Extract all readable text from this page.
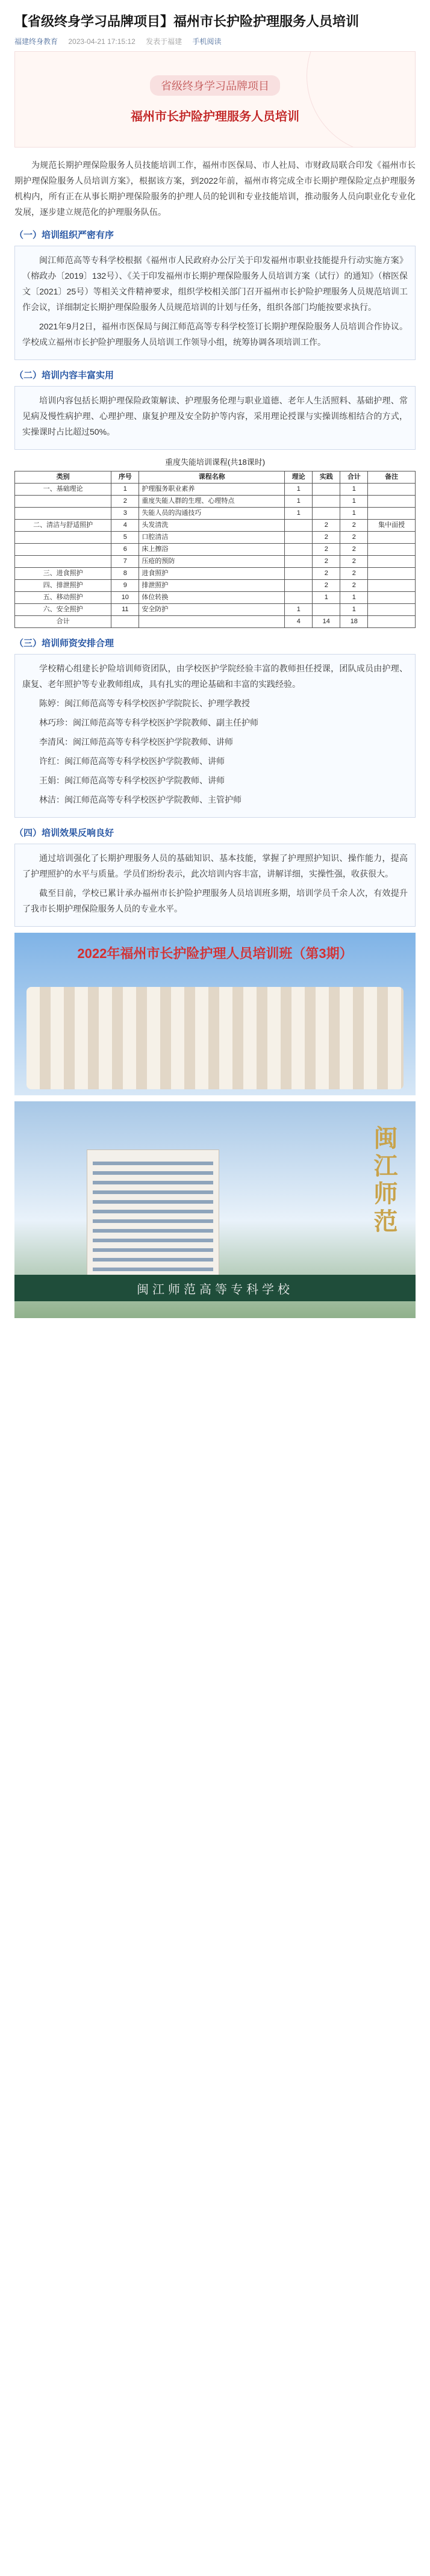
【省级终身学习品牌项目】福州市长护险护理服务人员培训
福建终身教育 2023-04-21 17:15:12 发表于福建 手机阅读
省级终身学习品牌项目
福州市长护险护理服务人员培训
为规范长期护理保险服务人员技能培训工作，福州市医保局、市人社局、市财政局联合印发《福州市长期护理保险服务人员培训方案》，根据该方案，到2022年前，福州市将完成全市长期护理保险定点护理服务机构内，所有正在从事长期护理保险服务的护理人员的轮训和专业技能培训，推动服务人员向职业化专业化发展，逐步建立规范化的护理服务队伍。
（一）培训组织严密有序
闽江师范高等专科学校根据《福州市人民政府办公厅关于印发福州市职业技能提升行动实施方案》（榕政办〔2019〕132号）、《关于印发福州市长期护理保险服务人员培训方案（试行）的通知》（榕医保文〔2021〕25号）等相关文件精神要求，组织学校相关部门召开福州市长护险护理服务人员规范培训工作会议，详细制定长期护理保险服务人员规范培训的计划与任务，组织各部门均能按要求执行。
2021年9月2日，福州市医保局与闽江师范高等专科学校签订长期护理保险服务人员培训合作协议。学校成立福州市长护险护理服务人员培训工作领导小组，统筹协调各项培训工作。
（二）培训内容丰富实用
培训内容包括长期护理保险政策解读、护理服务伦理与职业道德、老年人生活照料、基础护理、常见病及慢性病护理、心理护理、康复护理及安全防护等内容，采用理论授课与实操训练相结合的方式，实操课时占比超过50%。
重度失能培训课程(共18课时)
类别	序号	课程名称	理论	实践	合计	备注
一、基础理论	1	护理服务职业素养	1		1	
	2	重度失能人群的生理、心理特点	1		1	
	3	失能人员的沟通技巧	1		1	
二、清洁与舒适照护	4	头发清洗		2	2	集中面授
	5	口腔清洁		2	2	
	6	床上擦浴		2	2	
	7	压疮的预防		2	2	
三、进食照护	8	进食照护		2	2	
四、排泄照护	9	排泄照护		2	2	
五、移动照护	10	体位转换		1	1	
六、安全照护	11	安全防护	1		1	
合计			4	14	18	
（三）培训师资安排合理
学校精心组建长护险培训师资团队，由学校医护学院经验丰富的教师担任授课，团队成员由护理、康复、老年照护等专业教师组成，具有扎实的理论基础和丰富的实践经验。
陈婷：闽江师范高等专科学校医护学院院长、护理学教授
林巧珍：闽江师范高等专科学校医护学院教师、副主任护师
李清风：闽江师范高等专科学校医护学院教师、讲师
许红：闽江师范高等专科学校医护学院教师、讲师
王娟：闽江师范高等专科学校医护学院教师、讲师
林洁：闽江师范高等专科学校医护学院教师、主管护师
（四）培训效果反响良好
通过培训强化了长期护理服务人员的基础知识、基本技能，掌握了护理照护知识、操作能力，提高了护理照护的水平与质量。学员们纷纷表示，此次培训内容丰富，讲解详细，实操性强，收获很大。
截至目前，学校已累计承办福州市长护险护理服务人员培训班多期，培训学员千余人次，有效提升了我市长期护理保险服务人员的专业水平。
2022年福州市长护险护理人员培训班（第3期）
闽江师范
闽江师范高等专科学校
